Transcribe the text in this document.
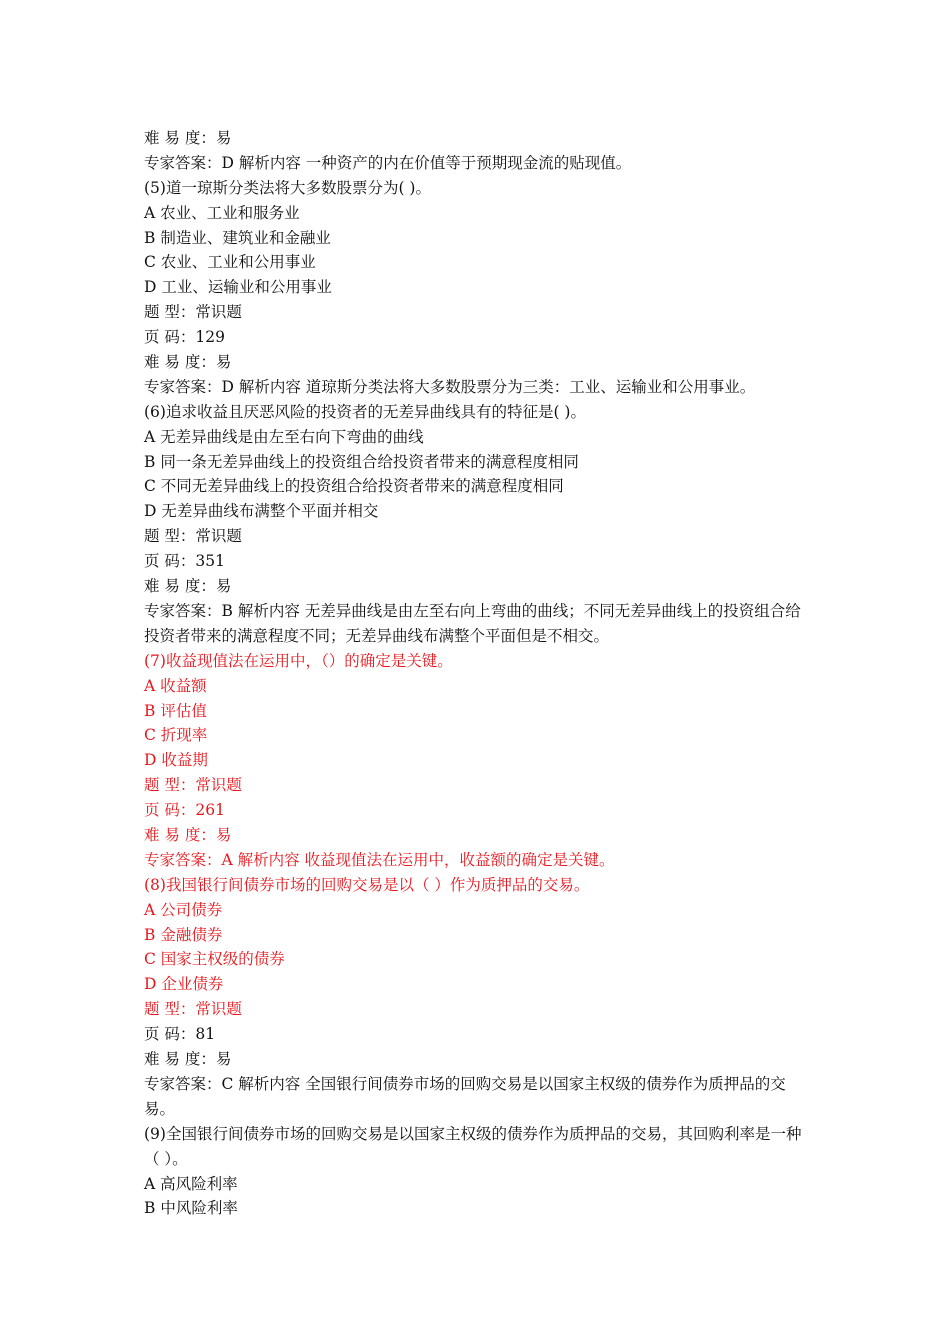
难 易 度：易
专家答案：D 解析内容 一种资产的内在价值等于预期现金流的贴现值。
(5)道一琼斯分类法将大多数股票分为( )。
A 农业、工业和服务业
B 制造业、建筑业和金融业
C 农业、工业和公用事业
D 工业、运输业和公用事业
题 型：常识题
页 码：129
难 易 度：易
专家答案：D 解析内容 道琼斯分类法将大多数股票分为三类：工业、运输业和公用事业。
(6)追求收益且厌恶风险的投资者的无差异曲线具有的特征是( )。
A 无差异曲线是由左至右向下弯曲的曲线
B 同一条无差异曲线上的投资组合给投资者带来的满意程度相同
C 不同无差异曲线上的投资组合给投资者带来的满意程度相同
D 无差异曲线布满整个平面并相交
题 型：常识题
页 码：351
难 易 度：易
专家答案：B 解析内容 无差异曲线是由左至右向上弯曲的曲线；不同无差异曲线上的投资组合给投资者带来的满意程度不同；无差异曲线布满整个平面但是不相交。
(7)收益现值法在运用中，（）的确定是关键。
A 收益额
B 评估值
C 折现率
D 收益期
题 型：常识题
页 码：261
难 易 度：易
专家答案：A 解析内容 收益现值法在运用中，收益额的确定是关键。
(8)我国银行间债券市场的回购交易是以（ ）作为质押品的交易。
A 公司债券
B 金融债券
C 国家主权级的债券
D 企业债券
题 型：常识题
页 码：81
难 易 度：易
专家答案：C 解析内容 全国银行间债券市场的回购交易是以国家主权级的债券作为质押品的交易。
(9)全国银行间债券市场的回购交易是以国家主权级的债券作为质押品的交易，其回购利率是一种（ ）。
A 高风险利率
B 中风险利率
